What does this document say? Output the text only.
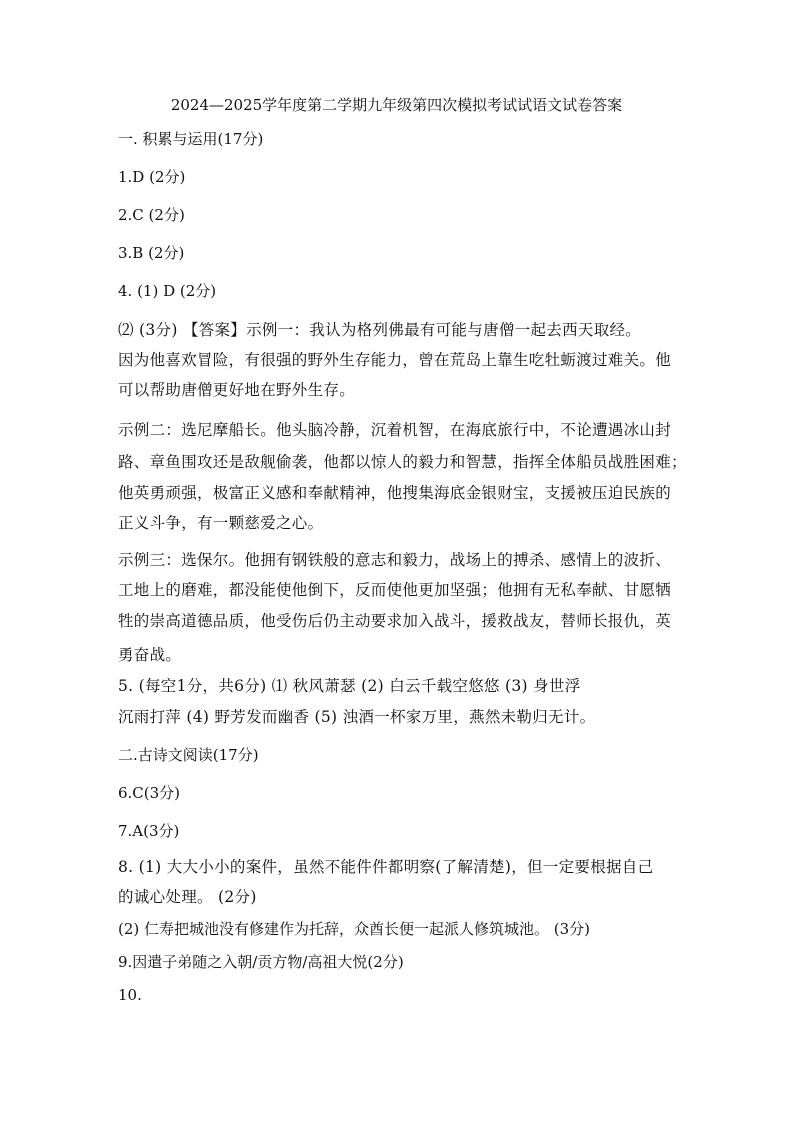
2024—2025学年度第二学期九年级第四次模拟考试试语文试卷答案
一. 积累与运用(17分)
1.D (2分)
2.C (2分)
3.B (2分)
4. (1) D (2分)
⑵ (3分) 【答案】示例一：我认为格列佛最有可能与唐僧一起去西天取经。
因为他喜欢冒险，有很强的野外生存能力，曾在荒岛上靠生吃牡蛎渡过难关。他
可以帮助唐僧更好地在野外生存。
示例二：选尼摩船长。他头脑冷静，沉着机智，在海底旅行中，不论遭遇冰山封
路、章鱼围攻还是敌舰偷袭，他都以惊人的毅力和智慧，指挥全体船员战胜困难；
他英勇顽强，极富正义感和奉献精神，他搜集海底金银财宝，支援被压迫民族的
正义斗争，有一颗慈爱之心。
示例三：选保尔。他拥有钢铁般的意志和毅力，战场上的搏杀、感情上的波折、
工地上的磨难，都没能使他倒下，反而使他更加坚强；他拥有无私奉献、甘愿牺
牲的崇高道德品质，他受伤后仍主动要求加入战斗，援救战友，替师长报仇，英
勇奋战。
5. (每空1分，共6分) ⑴ 秋风萧瑟 (2) 白云千载空悠悠 (3) 身世浮
沉雨打萍 (4) 野芳发而幽香 (5) 浊酒一杯家万里，燕然未勒归无计。
二.古诗文阅读(17分)
6.C(3分)
7.A(3分)
8. (1) 大大小小的案件，虽然不能件件都明察(了解清楚)，但一定要根据自己
的诚心处理。 (2分)
(2) 仁寿把城池没有修建作为托辞，众酋长便一起派人修筑城池。 (3分)
9.因遣子弟随之入朝/贡方物/高祖大悦(2分)
10.
